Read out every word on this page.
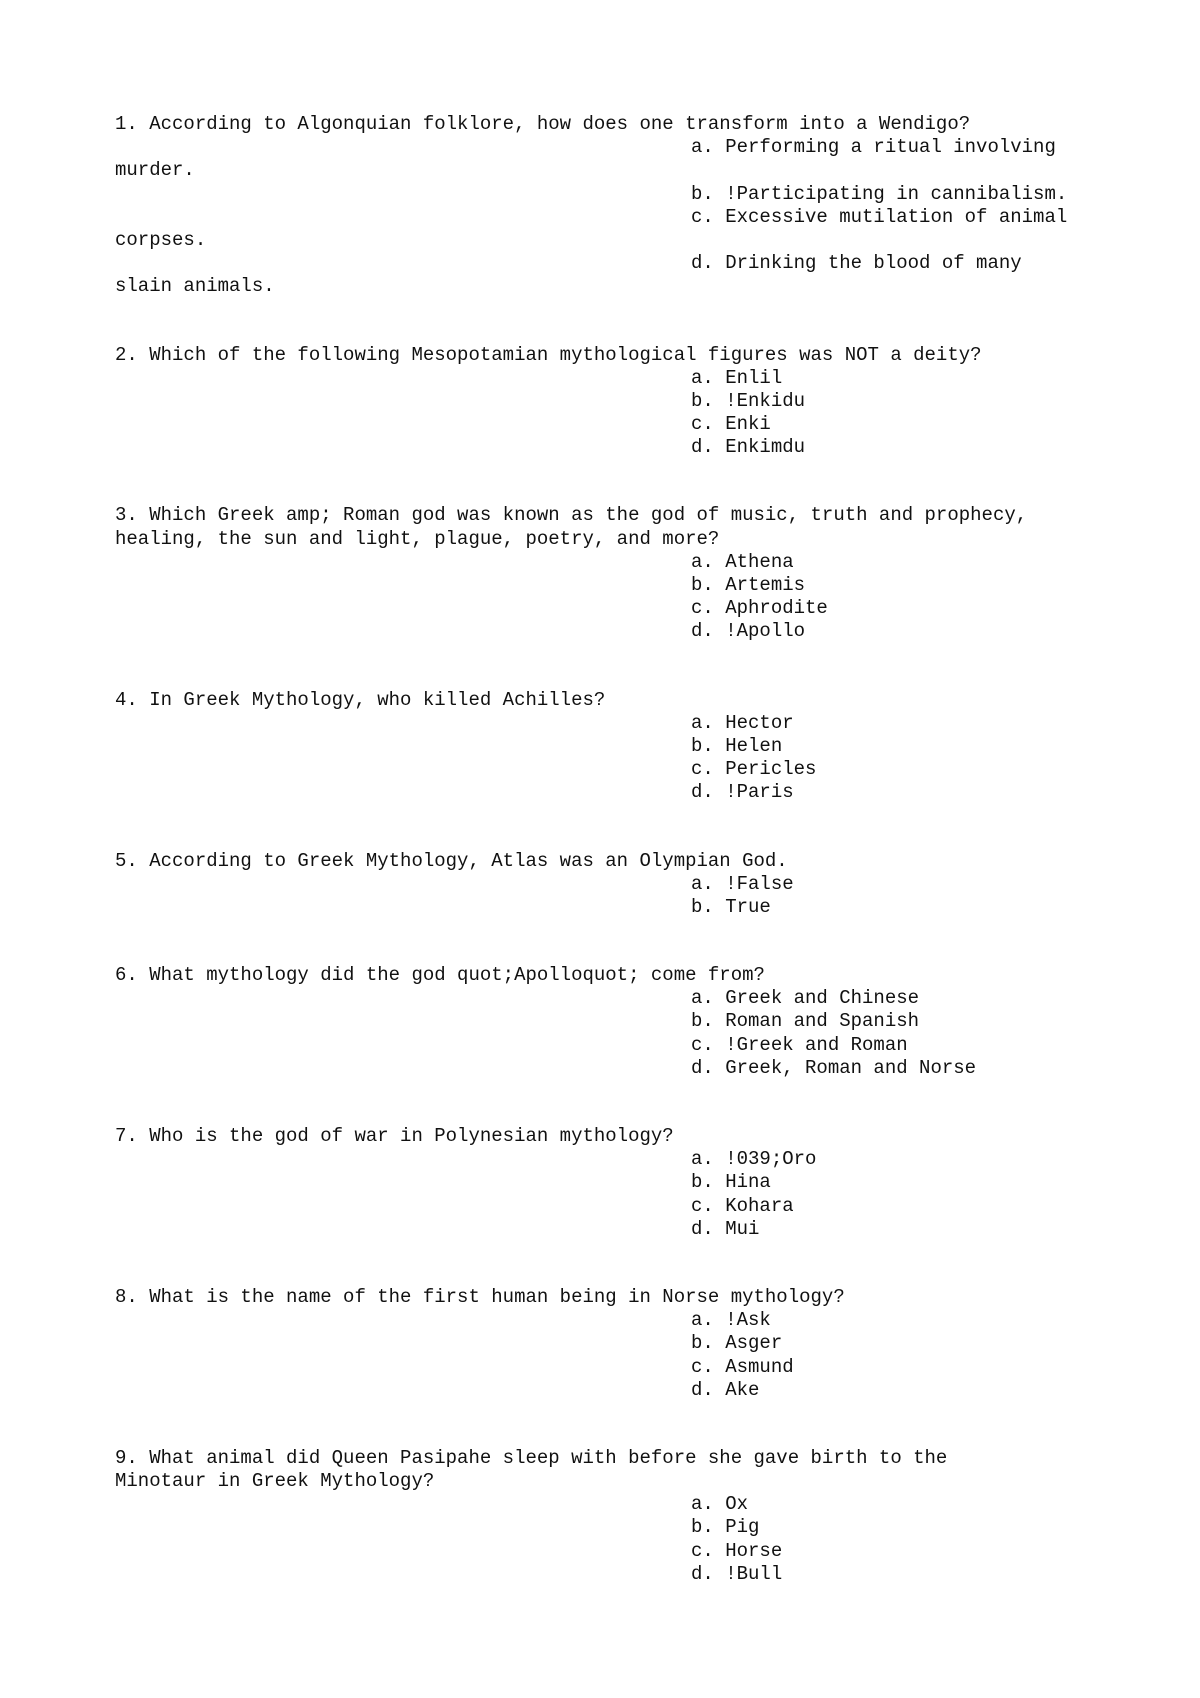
1. According to Algonquian folklore, how does one transform into a Wendigo?
a. Performing a ritual involving
murder.
b. !Participating in cannibalism.
c. Excessive mutilation of animal
corpses.
d. Drinking the blood of many
slain animals.
2. Which of the following Mesopotamian mythological figures was NOT a deity?
a. Enlil
b. !Enkidu
c. Enki
d. Enkimdu
3. Which Greek amp; Roman god was known as the god of music, truth and prophecy,
healing, the sun and light, plague, poetry, and more?
a. Athena
b. Artemis
c. Aphrodite
d. !Apollo
4. In Greek Mythology, who killed Achilles?
a. Hector
b. Helen
c. Pericles
d. !Paris
5. According to Greek Mythology, Atlas was an Olympian God.
a. !False
b. True
6. What mythology did the god quot;Apolloquot; come from?
a. Greek and Chinese
b. Roman and Spanish
c. !Greek and Roman
d. Greek, Roman and Norse
7. Who is the god of war in Polynesian mythology?
a. !039;Oro
b. Hina
c. Kohara
d. Mui
8. What is the name of the first human being in Norse mythology?
a. !Ask
b. Asger
c. Asmund
d. Ake
9. What animal did Queen Pasipahe sleep with before she gave birth to the
Minotaur in Greek Mythology?
a. Ox
b. Pig
c. Horse
d. !Bull
